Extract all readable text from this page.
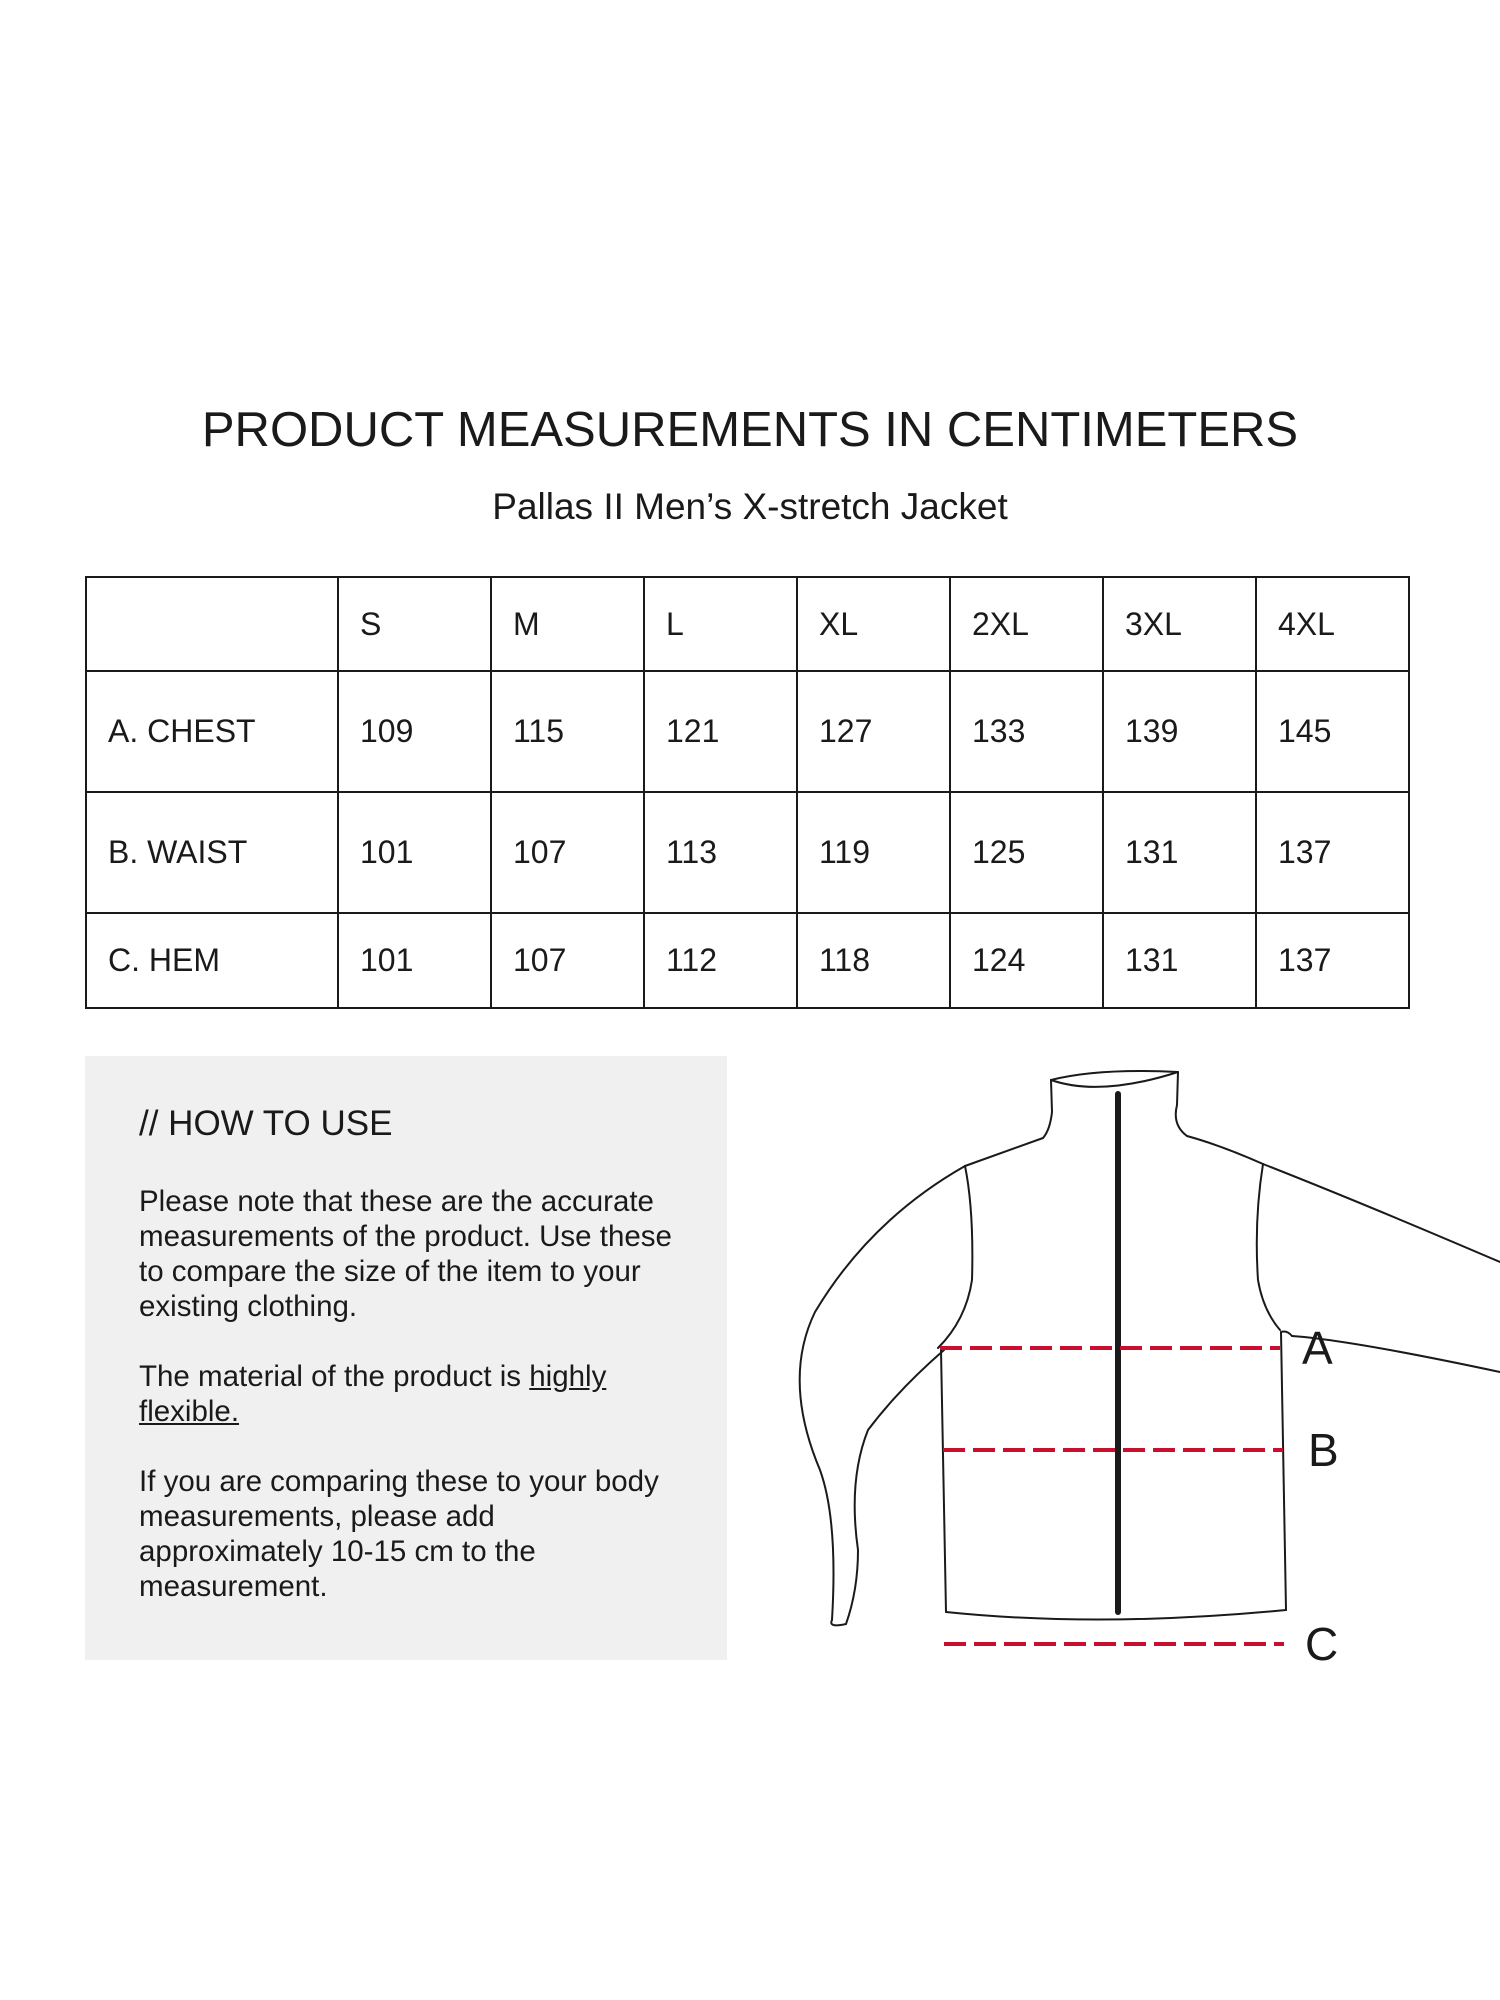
PRODUCT MEASUREMENTS IN CENTIMETERS
Pallas II Men’s X-stretch Jacket
	S	M	L	XL	2XL	3XL	4XL
A. CHEST	109	115	121	127	133	139	145
B. WAIST	101	107	113	119	125	131	137
C. HEM	101	107	112	118	124	131	137
// HOW TO USE

Please note that these are the accurate measurements of the product. Use these to compare the size of the item to your existing clothing.

The material of the product is highly flexible.

If you are comparing these to your body measurements, please add approximately 10-15 cm to the measurement.

A
B
C
